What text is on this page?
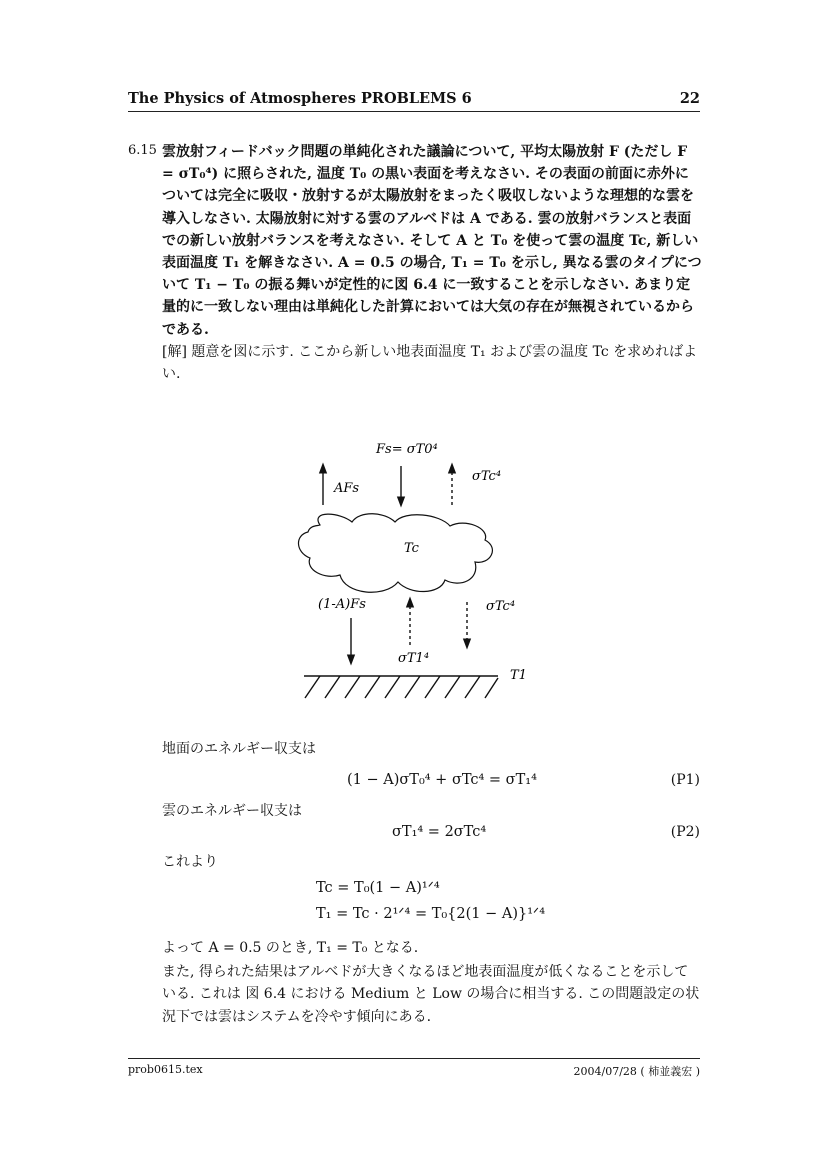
The Physics of Atmospheres PROBLEMS 6	22
6.15 雲放射フィードバック問題の単純化された議論について, 平均太陽放射 F (ただし F = σT₀⁴) に照らされた, 温度 T₀ の黒い表面を考えなさい. その表面の前面に赤外については完全に吸収・放射するが太陽放射をまったく吸収しないような理想的な雲を導入しなさい. 太陽放射に対する雲のアルベドは A である. 雲の放射バランスと表面での新しい放射バランスを考えなさい. そして A と T₀ を使って雲の温度 Tc, 新しい表面温度 T₁ を解きなさい. A = 0.5 の場合, T₁ = T₀ を示し, 異なる雲のタイプについて T₁ − T₀ の振る舞いが定性的に図 6.4 に一致することを示しなさい. あまり定量的に一致しない理由は単純化した計算においては大気の存在が無視されているからである.
[解] 題意を図に示す. ここから新しい地表面温度 T₁ および雲の温度 Tc を求めればよい.
Fs= σT0⁴
AFs
σTc⁴
Tc
(1-A)Fs	σTc⁴
σT1⁴
T1
地面のエネルギー収支は
(1 − A)σT₀⁴ + σTc⁴ = σT₁⁴	(P1)
雲のエネルギー収支は
σT₁⁴ = 2σTc⁴	(P2)
これより
Tc = T₀(1 − A)¹ᐟ⁴
T₁ = Tc · 2¹ᐟ⁴ = T₀{2(1 − A)}¹ᐟ⁴
よって A = 0.5 のとき, T₁ = T₀ となる.
また, 得られた結果はアルベドが大きくなるほど地表面温度が低くなることを示している. これは 図 6.4 における Medium と Low の場合に相当する. この問題設定の状況下では雲はシステムを冷やす傾向にある.
prob0615.tex	2004/07/28 ( 柿並義宏 )
